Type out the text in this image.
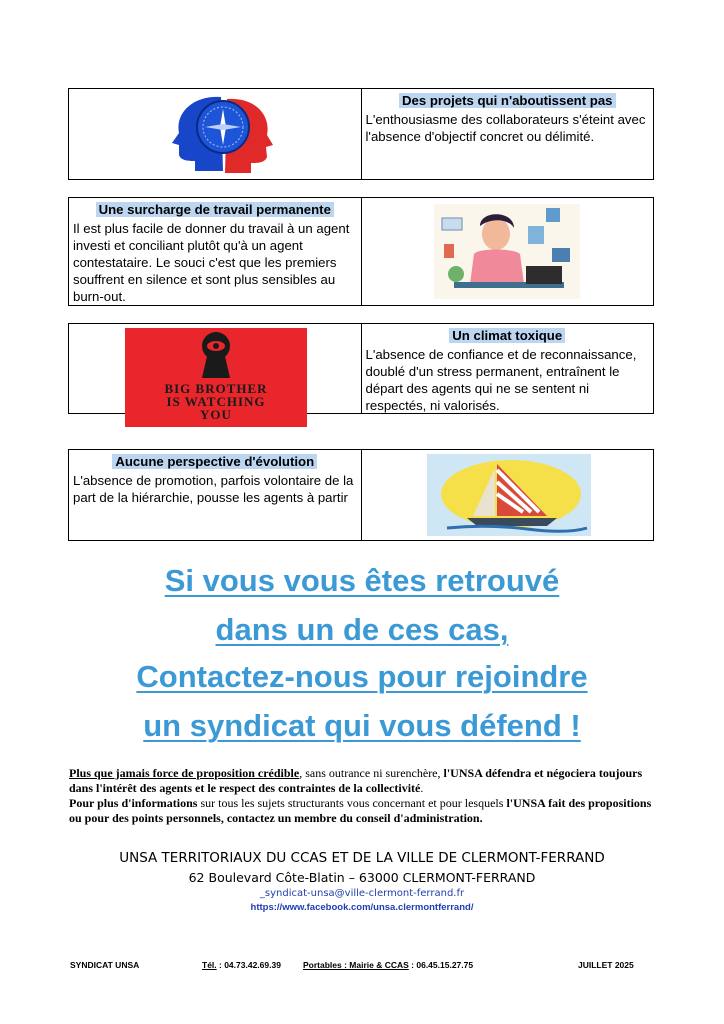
Des projets qui n'aboutissent pas
L'enthousiasme des collaborateurs s'éteint avec l'absence d'objectif concret ou délimité.
Une surcharge de travail permanente
Il est plus facile de donner du travail à un agent investi et conciliant plutôt qu'à un agent contestataire. Le souci c'est que les premiers souffrent en silence et sont plus sensibles au burn-out.
BIG BROTHER
IS WATCHING
YOU
Un climat toxique
L'absence de confiance et de reconnaissance, doublé d'un stress permanent, entraînent le départ des agents qui ne se sentent ni respectés, ni valorisés.
Aucune perspective d'évolution
L'absence de promotion, parfois volontaire de la part de la hiérarchie, pousse les agents à partir
Si vous vous êtes retrouvé
dans un de ces cas,
Contactez-nous pour rejoindre
un syndicat qui vous défend !
Plus que jamais force de proposition crédible, sans outrance ni surenchère, l'UNSA défendra et négociera toujours dans l'intérêt des agents et le respect des contraintes de la collectivité.
Pour plus d'informations sur tous les sujets structurants vous concernant et pour lesquels l'UNSA fait des propositions ou pour des points personnels, contactez un membre du conseil d'administration.
UNSA TERRITORIAUX DU CCAS ET DE LA VILLE DE CLERMONT-FERRAND
62 Boulevard Côte-Blatin – 63000 CLERMONT-FERRAND
_syndicat-unsa@ville-clermont-ferrand.fr
https://www.facebook.com/unsa.clermontferrand/
SYNDICAT UNSA	Tél. : 04.73.42.69.39	Portables : Mairie & CCAS : 06.45.15.27.75	JUILLET 2025
